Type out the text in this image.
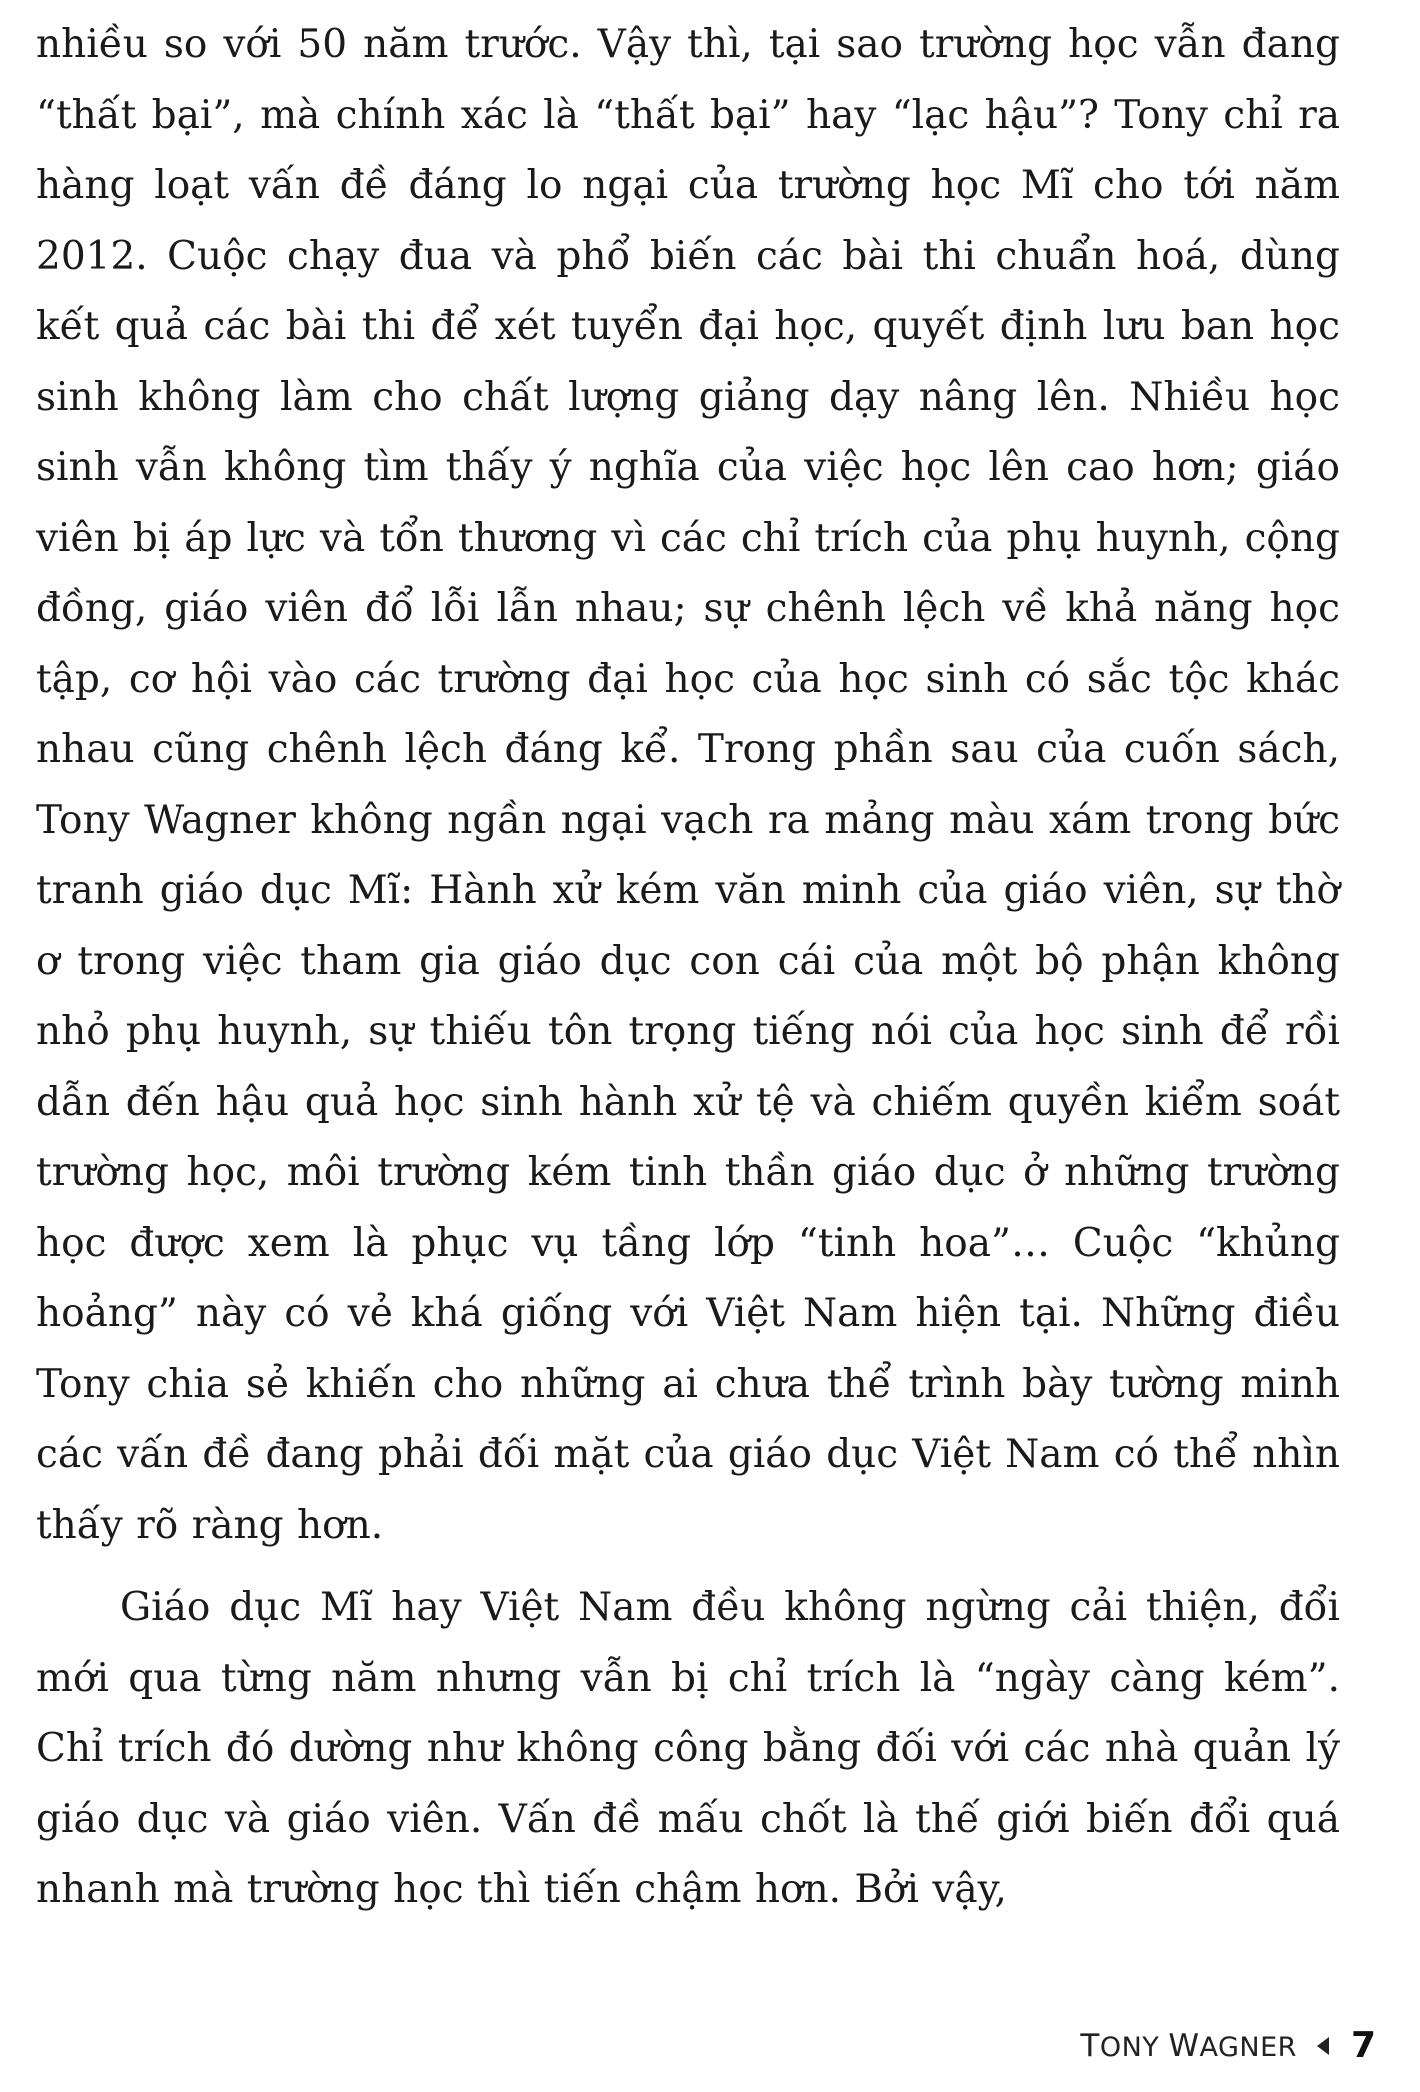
nhiều so với 50 năm trước. Vậy thì, tại sao trường học vẫn đang “thất bại”, mà chính xác là “thất bại” hay “lạc hậu”? Tony chỉ ra hàng loạt vấn đề đáng lo ngại của trường học Mĩ cho tới năm 2012. Cuộc chạy đua và phổ biến các bài thi chuẩn hoá, dùng kết quả các bài thi để xét tuyển đại học, quyết định lưu ban học sinh không làm cho chất lượng giảng dạy nâng lên. Nhiều học sinh vẫn không tìm thấy ý nghĩa của việc học lên cao hơn; giáo viên bị áp lực và tổn thương vì các chỉ trích của phụ huynh, cộng đồng, giáo viên đổ lỗi lẫn nhau; sự chênh lệch về khả năng học tập, cơ hội vào các trường đại học của học sinh có sắc tộc khác nhau cũng chênh lệch đáng kể. Trong phần sau của cuốn sách, Tony Wagner không ngần ngại vạch ra mảng màu xám trong bức tranh giáo dục Mĩ: Hành xử kém văn minh của giáo viên, sự thờ ơ trong việc tham gia giáo dục con cái của một bộ phận không nhỏ phụ huynh, sự thiếu tôn trọng tiếng nói của học sinh để rồi dẫn đến hậu quả học sinh hành xử tệ và chiếm quyền kiểm soát trường học, môi trường kém tinh thần giáo dục ở những trường học được xem là phục vụ tầng lớp “tinh hoa”… Cuộc “khủng hoảng” này có vẻ khá giống với Việt Nam hiện tại. Những điều Tony chia sẻ khiến cho những ai chưa thể trình bày tường minh các vấn đề đang phải đối mặt của giáo dục Việt Nam có thể nhìn thấy rõ ràng hơn.

Giáo dục Mĩ hay Việt Nam đều không ngừng cải thiện, đổi mới qua từng năm nhưng vẫn bị chỉ trích là “ngày càng kém”. Chỉ trích đó dường như không công bằng đối với các nhà quản lý giáo dục và giáo viên. Vấn đề mấu chốt là thế giới biến đổi quá nhanh mà trường học thì tiến chậm hơn. Bởi vậy,

TONY WAGNER 7
